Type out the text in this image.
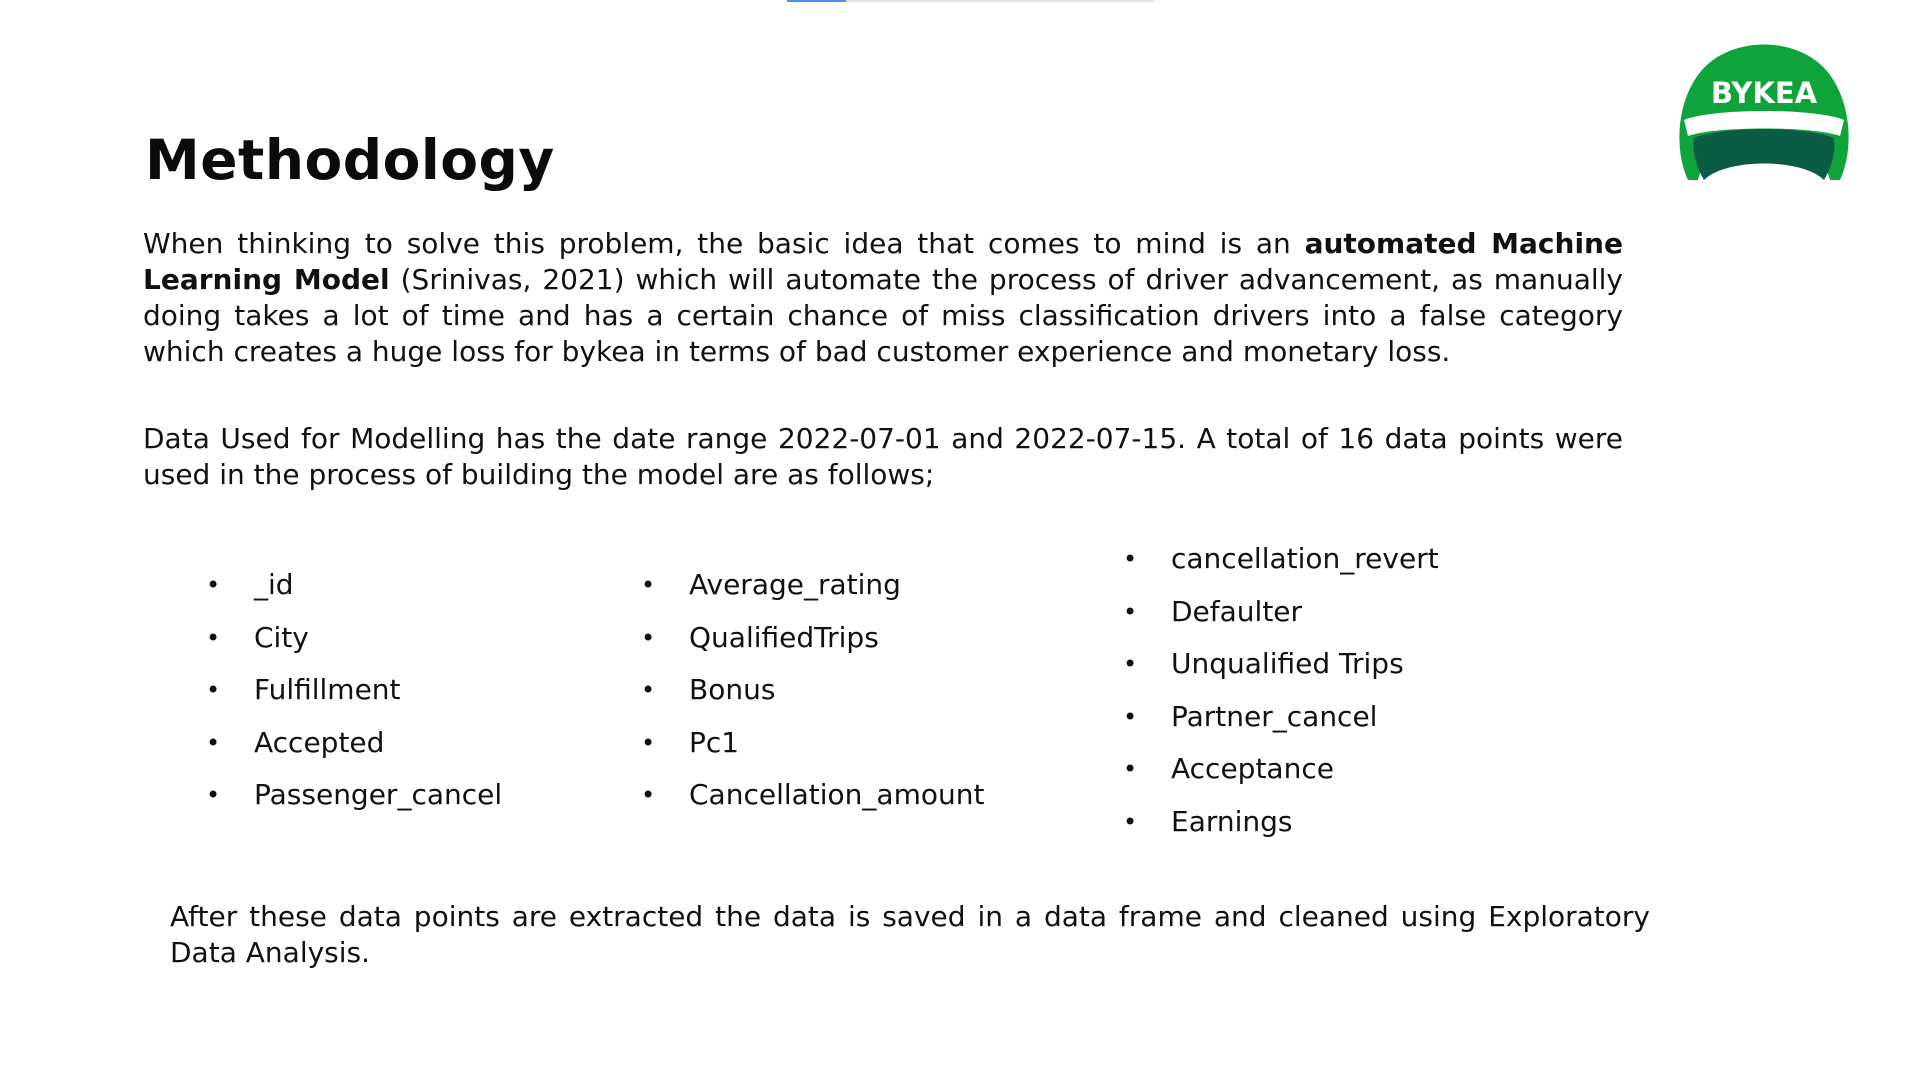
BYKEA
Methodology

When thinking to solve this problem, the basic idea that comes to mind is an automated Machine Learning Model (Srinivas, 2021) which will automate the process of driver advancement, as manually doing takes a lot of time and has a certain chance of miss classification drivers into a false category which creates a huge loss for bykea in terms of bad customer experience and monetary loss.

Data Used for Modelling has the date range 2022-07-01 and 2022-07-15. A total of 16 data points were used in the process of building the model are as follows;

• _id
• City
• Fulfillment
• Accepted
• Passenger_cancel
• Average_rating
• QualifiedTrips
• Bonus
• Pc1
• Cancellation_amount
• cancellation_revert
• Defaulter
• Unqualified Trips
• Partner_cancel
• Acceptance
• Earnings

After these data points are extracted the data is saved in a data frame and cleaned using Exploratory Data Analysis.
